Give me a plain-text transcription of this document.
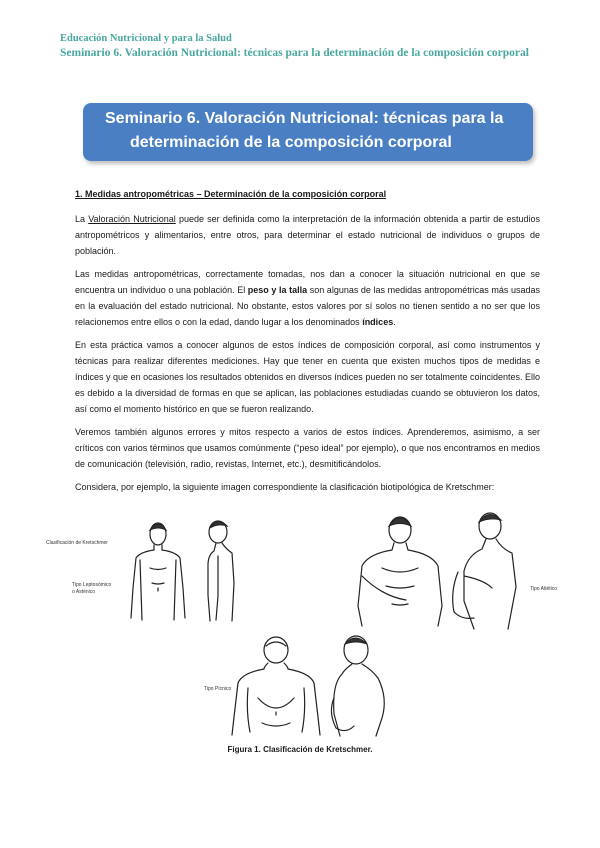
Educación Nutricional y para la Salud
Seminario 6. Valoración Nutricional: técnicas para la determinación de la composición corporal
Seminario 6. Valoración Nutricional: técnicas para la
determinación de la composición corporal

1. Medidas antropométricas – Determinación de la composición corporal

La Valoración Nutricional puede ser definida como la interpretación de la información obtenida a partir de estudios antropométricos y alimentarios, entre otros, para determinar el estado nutricional de individuos o grupos de población.

Las medidas antropométricas, correctamente tomadas, nos dan a conocer la situación nutricional en que se encuentra un individuo o una población. El peso y la talla son algunas de las medidas antropométricas más usadas en la evaluación del estado nutricional. No obstante, estos valores por sí solos no tienen sentido a no ser que los relacionemos entre ellos o con la edad, dando lugar a los denominados índices.

En esta práctica vamos a conocer algunos de estos índices de composición corporal, así como instrumentos y técnicas para realizar diferentes mediciones. Hay que tener en cuenta que existen muchos tipos de medidas e índices y que en ocasiones los resultados obtenidos en diversos índices pueden no ser totalmente coincidentes. Ello es debido a la diversidad de formas en que se aplican, las poblaciones estudiadas cuando se obtuvieron los datos, así como el momento histórico en que se fueron realizando.

Veremos también algunos errores y mitos respecto a varios de estos índices. Aprenderemos, asimismo, a ser críticos con varios términos que usamos comúnmente (“peso ideal” por ejemplo), o que nos encontramos en medios de comunicación (televisión, radio, revistas, Internet, etc.), desmitificándolos.

Considera, por ejemplo, la siguiente imagen correspondiente la clasificación biotipológica de Kretschmer:

Clasificación de Kretschmer
Tipo Leptosómico
o Asténico	Tipo Atlético
Tipo Pícnico
Figura 1. Clasificación de Kretschmer.
